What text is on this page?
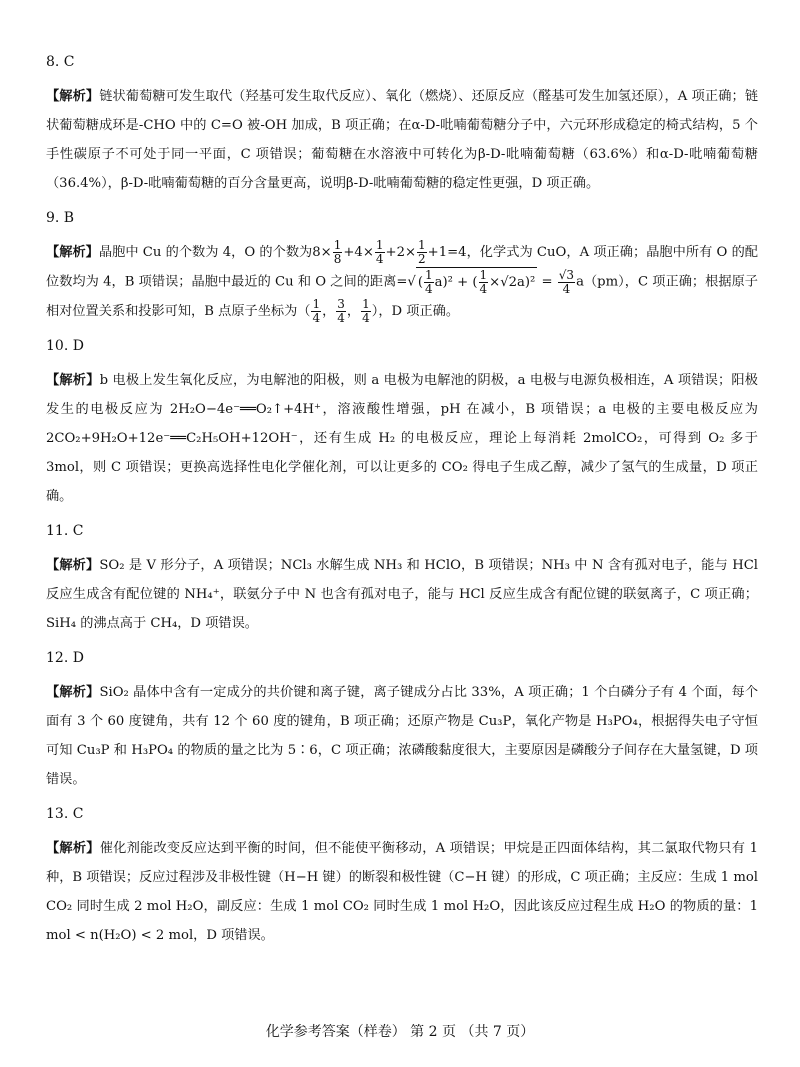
8. C

【解析】链状葡萄糖可发生取代（羟基可发生取代反应）、氧化（燃烧）、还原反应（醛基可发生加氢还原），A 项正确；链状葡萄糖成环是-CHO 中的 C=O 被-OH 加成，B 项正确；在α-D-吡喃葡萄糖分子中，六元环形成稳定的椅式结构，5 个手性碳原子不可处于同一平面，C 项错误；葡萄糖在水溶液中可转化为β-D-吡喃葡萄糖（63.6%）和α-D-吡喃葡萄糖（36.4%），β-D-吡喃葡萄糖的百分含量更高，说明β-D-吡喃葡萄糖的稳定性更强，D 项正确。

9. B

【解析】晶胞中 Cu 的个数为 4，O 的个数为$8\times \frac{1}{8} +4\times \frac{1}{4} +2\times \frac{1}{2} +1=4$，化学式为 CuO，A 项正确；晶胞中所有 O 的配位数均为 4，B 项错误；晶胞中最近的 Cu 和 O 之间的距离=√ ( $\frac{1}{4} a)^2$ + ( $\frac{1}{4} \times√2a)^2 = \frac{√3}{4} a(pm)$，C 项正确；根据原子相对位置关系和投影可知，B 点原子坐标为（ $\frac{1}{4}$ ， $\frac{3}{4}$ ， $\frac{1}{4}$ ），D 项正确。

10. D

【解析】b 电极上发生氧化反应，为电解池的阳极，则 a 电极为电解池的阴极，a 电极与电源负极相连，A 项错误；阳极发生的电极反应为 2H₂O−4e⁻══O₂↑+4H⁺，溶液酸性增强，pH 在减小，B 项错误；a 电极的主要电极反应为 2CO₂+9H₂O+12e⁻══C₂H₅OH+12OH⁻，还有生成 H₂ 的电极反应，理论上每消耗 2molCO₂，可得到 O₂ 多于 3mol，则 C 项错误；更换高选择性电化学催化剂，可以让更多的 CO₂ 得电子生成乙醇，减少了氢气的生成量，D 项正确。

11. C

【解析】SO₂ 是 V 形分子，A 项错误；NCl₃ 水解生成 NH₃ 和 HClO，B 项错误；NH₃ 中 N 含有孤对电子，能与 HCl 反应生成含有配位键的 NH₄⁺，联氨分子中 N 也含有孤对电子，能与 HCl 反应生成含有配位键的联氨离子，C 项正确；SiH₄ 的沸点高于 CH₄，D 项错误。

12. D

【解析】SiO₂ 晶体中含有一定成分的共价键和离子键，离子键成分占比 33%，A 项正确；1 个白磷分子有 4 个面，每个面有 3 个 60 度键角，共有 12 个 60 度的键角，B 项正确；还原产物是 Cu₃P，氧化产物是 H₃PO₄，根据得失电子守恒可知 Cu₃P 和 H₃PO₄ 的物质的量之比为 5∶6，C 项正确；浓磷酸黏度很大，主要原因是磷酸分子间存在大量氢键，D 项错误。

13. C

【解析】催化剂能改变反应达到平衡的时间，但不能使平衡移动，A 项错误；甲烷是正四面体结构，其二氯取代物只有 1 种，B 项错误；反应过程涉及非极性键（H−H 键）的断裂和极性键（C−H 键）的形成，C 项正确；主反应：生成 1 mol CO₂ 同时生成 2 mol H₂O，副反应：生成 1 mol CO₂ 同时生成 1 mol H₂O，因此该反应过程生成 H₂O 的物质的量：1 mol < n(H₂O) < 2 mol，D 项错误。

化学参考答案（样卷） 第 2 页 （共 7 页）
